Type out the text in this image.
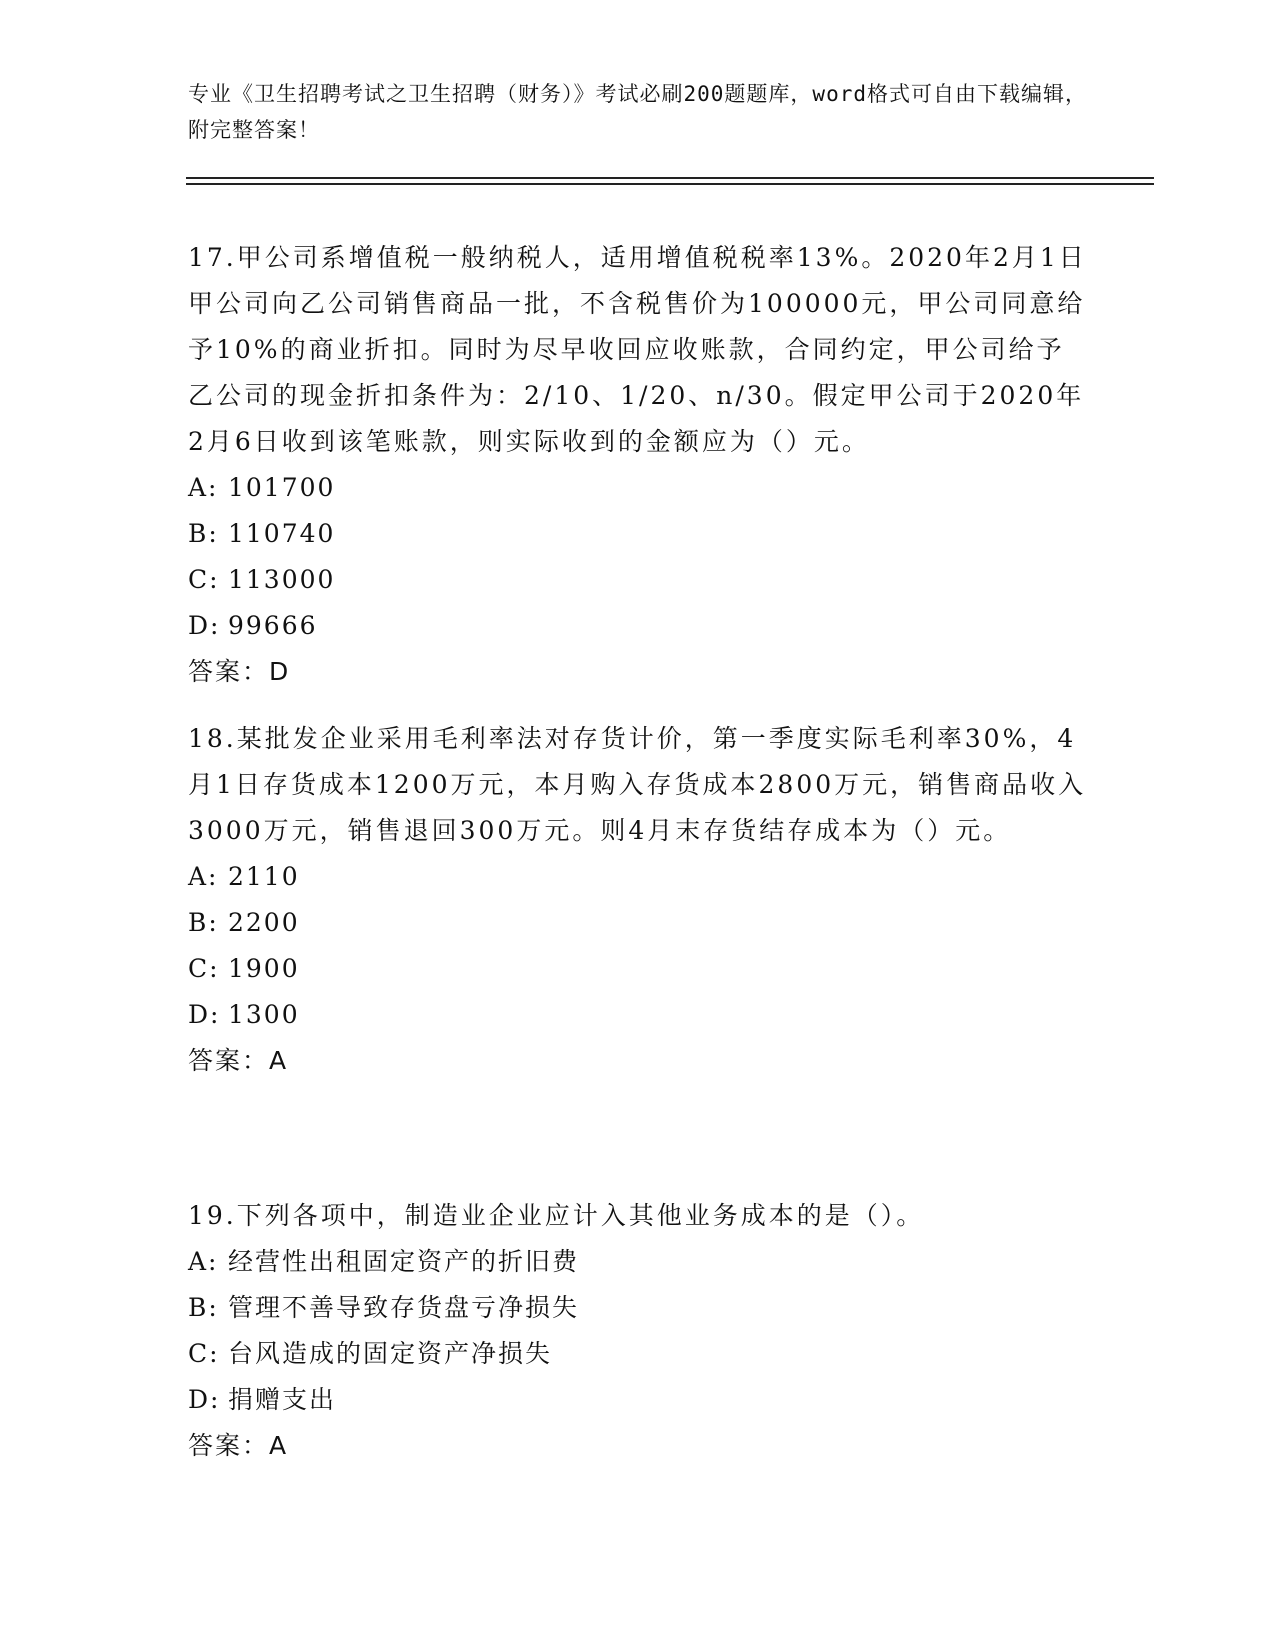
专业《卫生招聘考试之卫生招聘（财务）》考试必刷200题题库，word格式可自由下载编辑，附完整答案！
17.甲公司系增值税一般纳税人，适用增值税税率13%。2020年2月1日甲公司向乙公司销售商品一批，不含税售价为100000元，甲公司同意给予10%的商业折扣。同时为尽早收回应收账款，合同约定，甲公司给予乙公司的现金折扣条件为：2/10、1/20、n/30。假定甲公司于2020年2月6日收到该笔账款，则实际收到的金额应为（）元。
A: 101700
B: 110740
C: 113000
D: 99666
答案：D
18.某批发企业采用毛利率法对存货计价，第一季度实际毛利率30%，4月1日存货成本1200万元，本月购入存货成本2800万元，销售商品收入3000万元，销售退回300万元。则4月末存货结存成本为（）元。
A: 2110
B: 2200
C: 1900
D: 1300
答案：A
19.下列各项中，制造业企业应计入其他业务成本的是（）。
A: 经营性出租固定资产的折旧费
B: 管理不善导致存货盘亏净损失
C: 台风造成的固定资产净损失
D: 捐赠支出
答案：A
